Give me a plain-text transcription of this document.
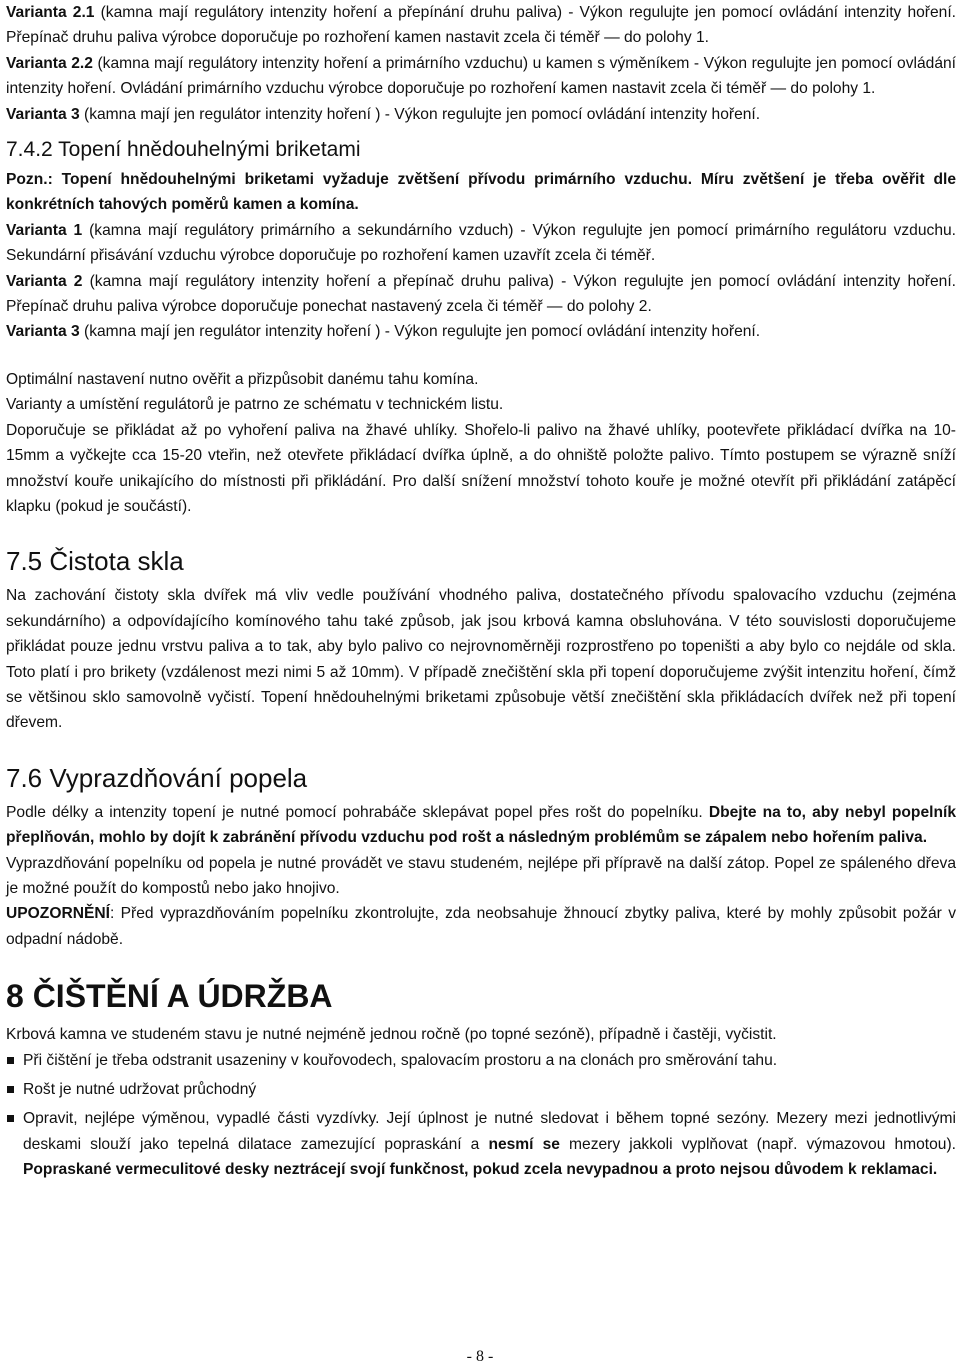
Varianta 2.1 (kamna mají regulátory intenzity hoření a přepínání druhu paliva) - Výkon regulujte jen pomocí ovládání intenzity hoření. Přepínač druhu paliva výrobce doporučuje po rozhoření kamen nastavit zcela či téměř — do polohy 1.

Varianta 2.2 (kamna mají regulátory intenzity hoření a primárního vzduchu) u kamen s výměníkem - Výkon regulujte jen pomocí ovládání intenzity hoření. Ovládání primárního vzduchu výrobce doporučuje po rozhoření kamen nastavit zcela či téměř — do polohy 1.

Varianta 3 (kamna mají jen regulátor intenzity hoření ) - Výkon regulujte jen pomocí ovládání intenzity hoření.

7.4.2 Topení hnědouhelnými briketami

Pozn.: Topení hnědouhelnými briketami vyžaduje zvětšení přívodu primárního vzduchu. Míru zvětšení je třeba ověřit dle konkrétních tahových poměrů kamen a komína.

Varianta 1 (kamna mají regulátory primárního a sekundárního vzduch) - Výkon regulujte jen pomocí primárního regulátoru vzduchu. Sekundární přisávání vzduchu výrobce doporučuje po rozhoření kamen uzavřít zcela či téměř.

Varianta 2 (kamna mají regulátory intenzity hoření a přepínač druhu paliva) - Výkon regulujte jen pomocí ovládání intenzity hoření. Přepínač druhu paliva výrobce doporučuje ponechat nastavený zcela či téměř — do polohy 2.

Varianta 3 (kamna mají jen regulátor intenzity hoření ) - Výkon regulujte jen pomocí ovládání intenzity hoření.

Optimální nastavení nutno ověřit a přizpůsobit danému tahu komína.

Varianty a umístění regulátorů je patrno ze schématu v technickém listu.

Doporučuje se přikládat až po vyhoření paliva na žhavé uhlíky. Shořelo-li palivo na žhavé uhlíky, pootevřete přikládací dvířka na 10-15mm a vyčkejte cca 15-20 vteřin, než otevřete přikládací dvířka úplně, a do ohniště položte palivo. Tímto postupem se výrazně sníží množství kouře unikajícího do místnosti při přikládání. Pro další snížení množství tohoto kouře je možné otevřít při přikládání zatápěcí klapku (pokud je součástí).

7.5 Čistota skla

Na zachování čistoty skla dvířek má vliv vedle používání vhodného paliva, dostatečného přívodu spalovacího vzduchu (zejména sekundárního) a odpovídajícího komínového tahu také způsob, jak jsou krbová kamna obsluhována. V této souvislosti doporučujeme přikládat pouze jednu vrstvu paliva a to tak, aby bylo palivo co nejrovnoměrněji rozprostřeno po topeništi a aby bylo co nejdále od skla. Toto platí i pro brikety (vzdálenost mezi nimi 5 až 10mm). V případě znečištění skla při topení doporučujeme zvýšit intenzitu hoření, čímž se většinou sklo samovolně vyčistí. Topení hnědouhelnými briketami způsobuje větší znečištění skla přikládacích dvířek než při topení dřevem.

7.6 Vyprazdňování popela

Podle délky a intenzity topení je nutné pomocí pohrabáče sklepávat popel přes rošt do popelníku. Dbejte na to, aby nebyl popelník přeplňován, mohlo by dojít k zabránění přívodu vzduchu pod rošt a následným problémům se zápalem nebo hořením paliva.

Vyprazdňování popelníku od popela je nutné provádět ve stavu studeném, nejlépe při přípravě na další zátop. Popel ze spáleného dřeva je možné použít do kompostů nebo jako hnojivo.

UPOZORNĚNÍ: Před vyprazdňováním popelníku zkontrolujte, zda neobsahuje žhnoucí zbytky paliva, které by mohly způsobit požár v odpadní nádobě.

8 ČIŠTĚNÍ A ÚDRŽBA

Krbová kamna ve studeném stavu je nutné nejméně jednou ročně (po topné sezóně), případně i častěji, vyčistit.

Při čištění je třeba odstranit usazeniny v kouřovodech, spalovacím prostoru a na clonách pro směrování tahu.
Rošt je nutné udržovat průchodný
Opravit, nejlépe výměnou, vypadlé části vyzdívky. Její úplnost je nutné sledovat i během topné sezóny. Mezery mezi jednotlivými deskami slouží jako tepelná dilatace zamezující popraskání a nesmí se mezery jakkoli vyplňovat (např. výmazovou hmotou). Popraskané vermeculitové desky neztrácejí svojí funkčnost, pokud zcela nevypadnou a proto nejsou důvodem k reklamaci.
- 8 -
